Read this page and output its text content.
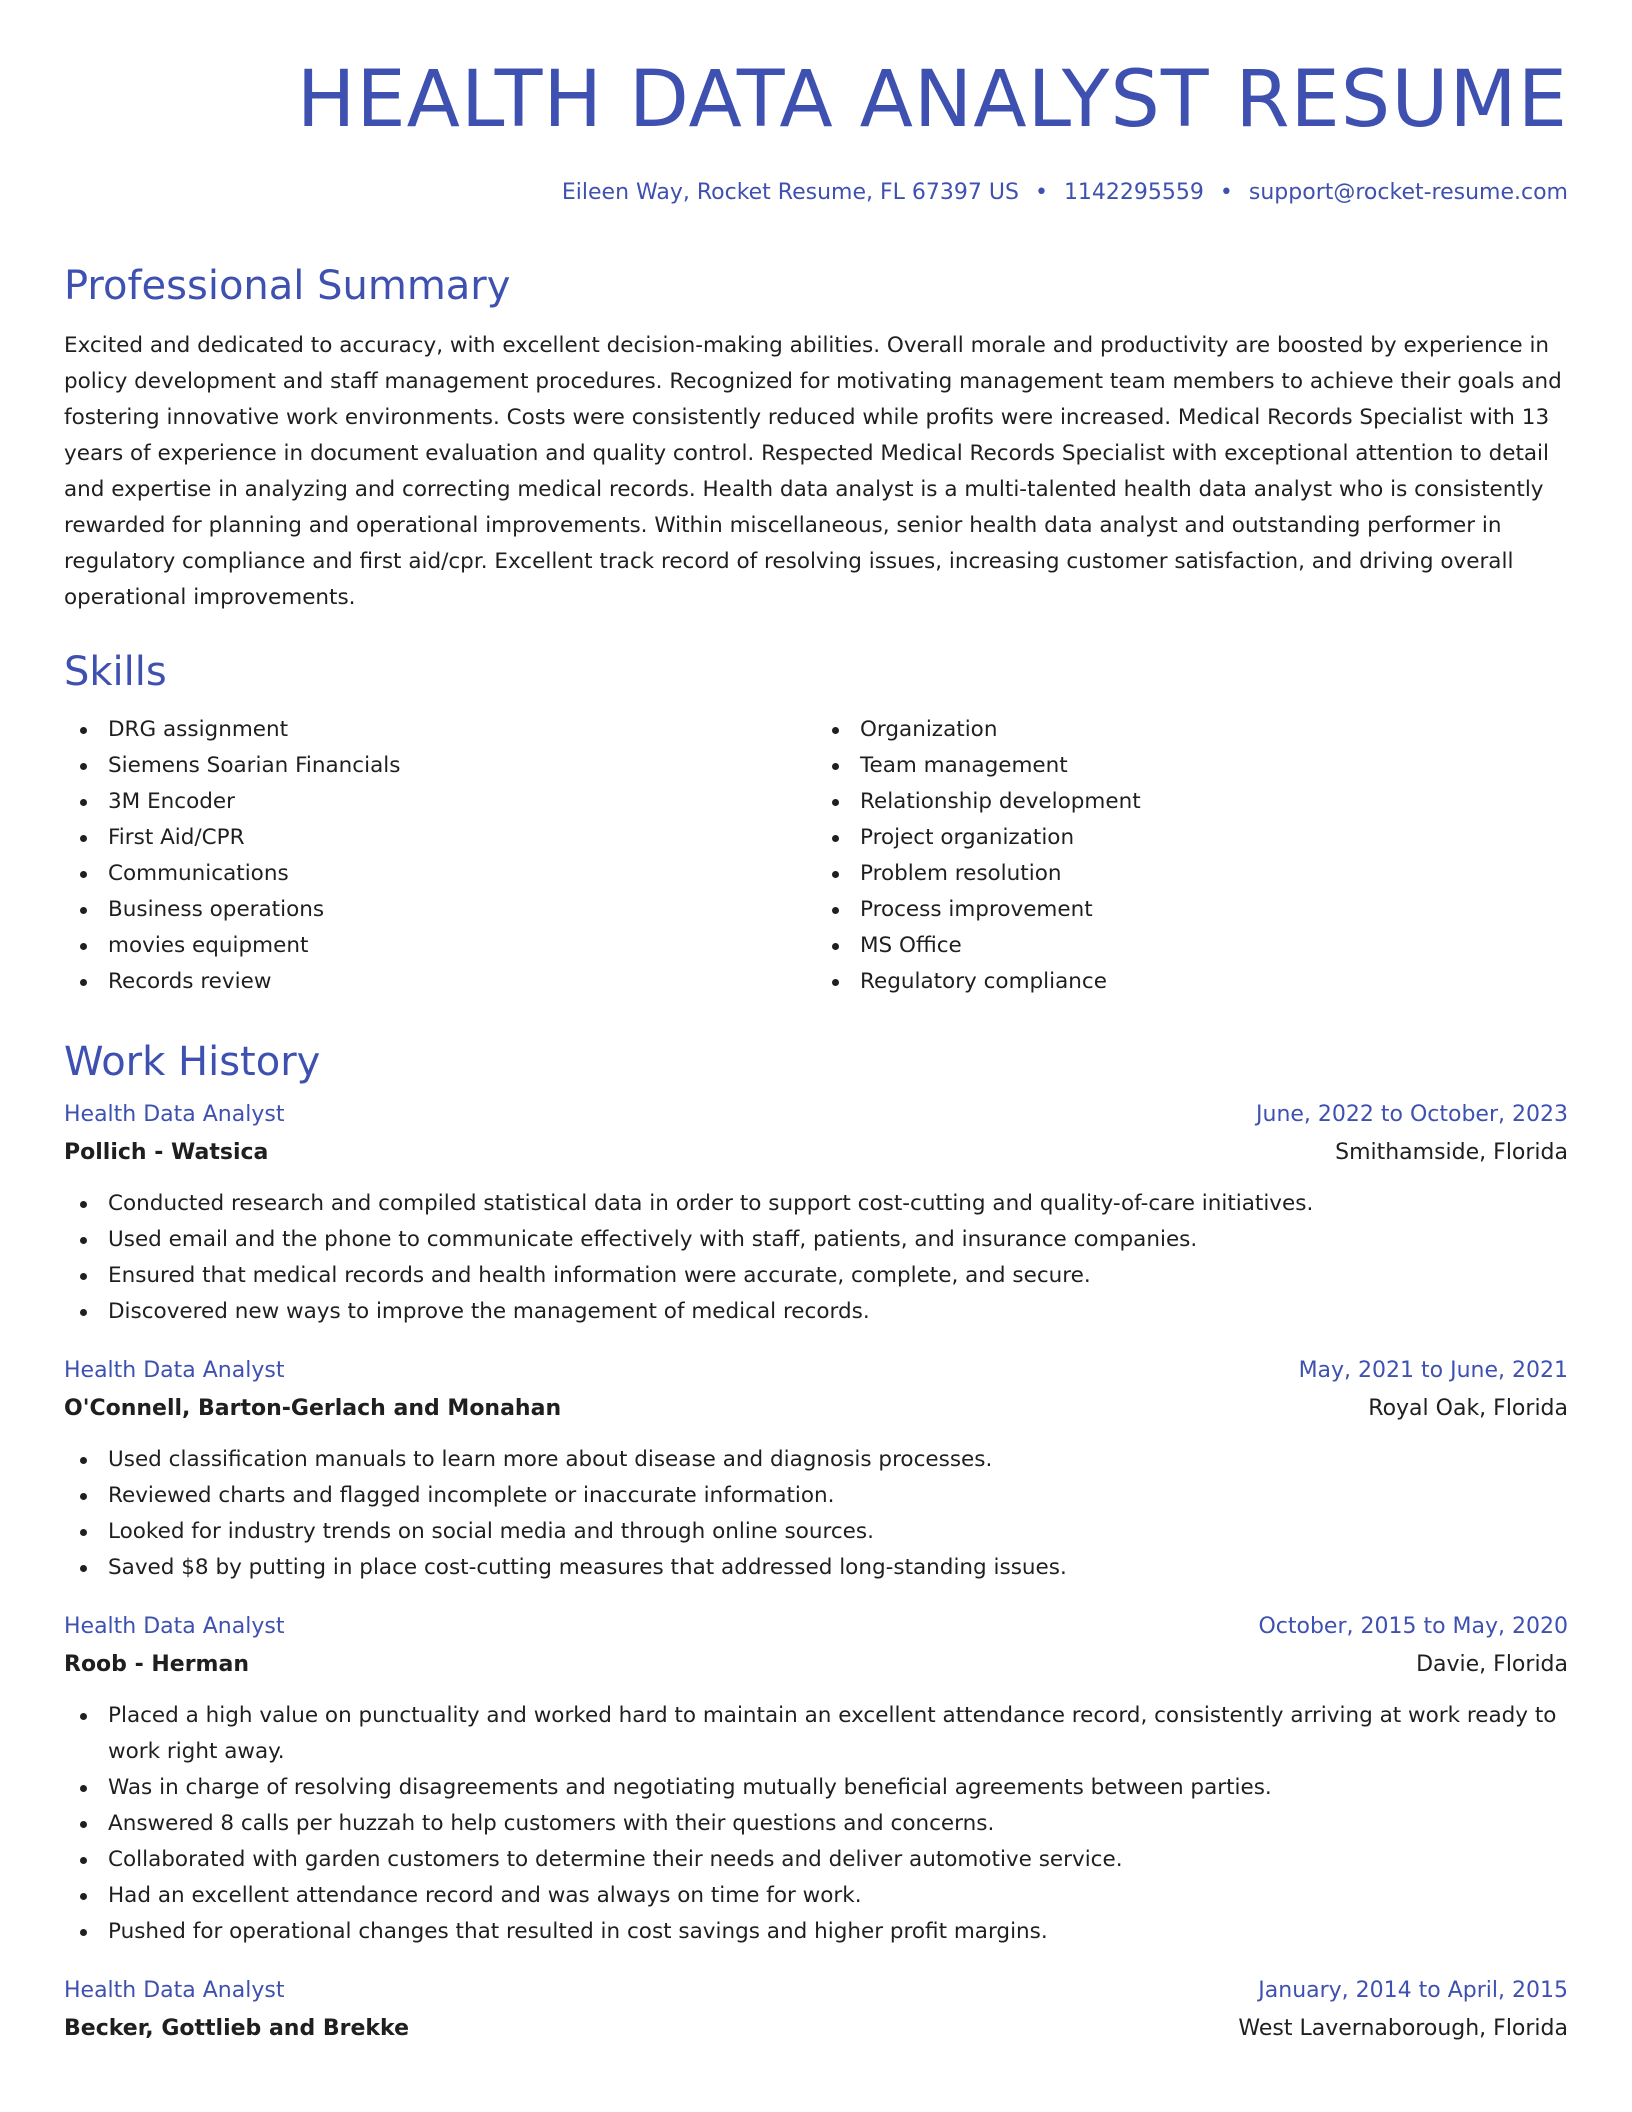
HEALTH DATA ANALYST RESUME
Eileen Way, Rocket Resume, FL 67397 US • 1142295559 • support@rocket-resume.com
Professional Summary

Excited and dedicated to accuracy, with excellent decision-making abilities. Overall morale and productivity are boosted by experience in policy development and staff management procedures. Recognized for motivating management team members to achieve their goals and fostering innovative work environments. Costs were consistently reduced while profits were increased. Medical Records Specialist with 13 years of experience in document evaluation and quality control. Respected Medical Records Specialist with exceptional attention to detail and expertise in analyzing and correcting medical records. Health data analyst is a multi-talented health data analyst who is consistently rewarded for planning and operational improvements. Within miscellaneous, senior health data analyst and outstanding performer in regulatory compliance and first aid/cpr. Excellent track record of resolving issues, increasing customer satisfaction, and driving overall operational improvements.

Skills
DRG assignment
Siemens Soarian Financials
3M Encoder
First Aid/CPR
Communications
Business operations
movies equipment
Records review
Organization
Team management
Relationship development
Project organization
Problem resolution
Process improvement
MS Office
Regulatory compliance
Work History
Health Data Analyst	June, 2022 to October, 2023
Pollich - Watsica	Smithamside, Florida
Conducted research and compiled statistical data in order to support cost-cutting and quality-of-care initiatives.
Used email and the phone to communicate effectively with staff, patients, and insurance companies.
Ensured that medical records and health information were accurate, complete, and secure.
Discovered new ways to improve the management of medical records.
Health Data Analyst	May, 2021 to June, 2021
O'Connell, Barton-Gerlach and Monahan	Royal Oak, Florida
Used classification manuals to learn more about disease and diagnosis processes.
Reviewed charts and flagged incomplete or inaccurate information.
Looked for industry trends on social media and through online sources.
Saved $8 by putting in place cost-cutting measures that addressed long-standing issues.
Health Data Analyst	October, 2015 to May, 2020
Roob - Herman	Davie, Florida
Placed a high value on punctuality and worked hard to maintain an excellent attendance record, consistently arriving at work ready to work right away.
Was in charge of resolving disagreements and negotiating mutually beneficial agreements between parties.
Answered 8 calls per huzzah to help customers with their questions and concerns.
Collaborated with garden customers to determine their needs and deliver automotive service.
Had an excellent attendance record and was always on time for work.
Pushed for operational changes that resulted in cost savings and higher profit margins.
Health Data Analyst	January, 2014 to April, 2015
Becker, Gottlieb and Brekke	West Lavernaborough, Florida
